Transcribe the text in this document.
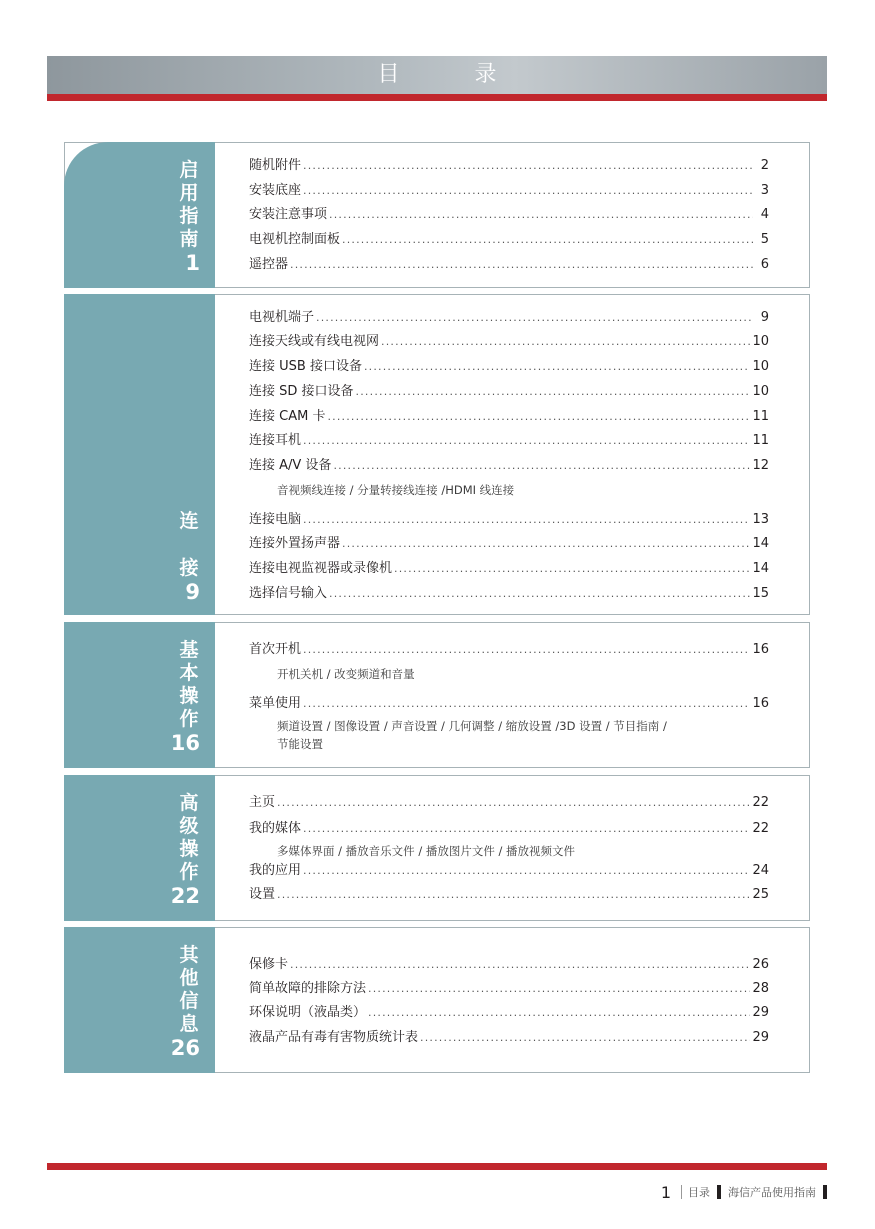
目 录
启
用
指
南
1
随机附件 .....	2
安装底座 .....	3
安装注意事项 .....	4
电视机控制面板 .....	5
遥控器 .....	6
连
接
9
电视机端子 .....	9
连接天线或有线电视网 .....	10
连接 USB 接口设备 .....	10
连接 SD 接口设备 .....	10
连接 CAM 卡 .....	11
连接耳机 .....	11
连接 A/V 设备 .....	12
音视频线连接 / 分量转接线连接 /HDMI 线连接
连接电脑 .....	13
连接外置扬声器 .....	14
连接电视监视器或录像机 .....	14
选择信号输入 .....	15
基
本
操
作
16
首次开机 .....	16
开机关机 / 改变频道和音量
菜单使用 .....	16
频道设置 / 图像设置 / 声音设置 / 几何调整 / 缩放设置 /3D 设置 / 节目指南 /
节能设置
高
级
操
作
22
主页 .....	22
我的媒体 .....	22
多媒体界面 / 播放音乐文件 / 播放图片文件 / 播放视频文件
我的应用 .....	24
设置 .....	25
其
他
信
息
26
保修卡 .....	26
简单故障的排除方法 .....	28
环保说明（液晶类） .....	29
液晶产品有毒有害物质统计表 .....	29
1 目录 海信产品使用指南
